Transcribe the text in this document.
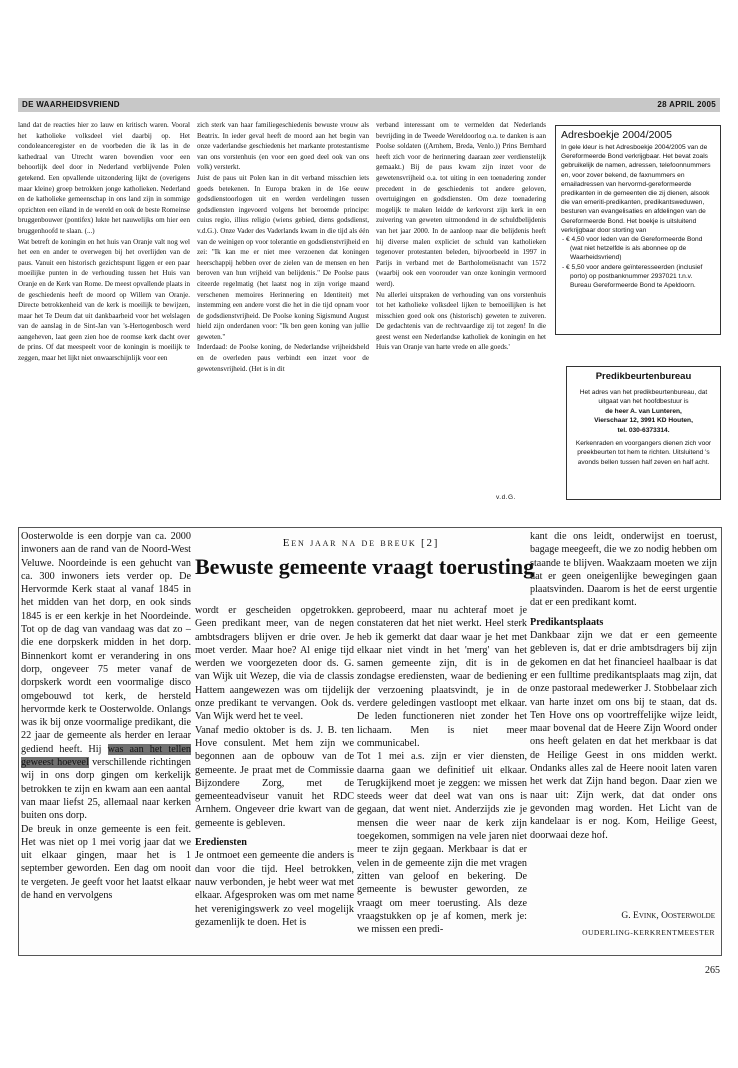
DE WAARHEIDSVRIEND	28 APRIL 2005

land dat de reacties hier zo lauw en kritisch waren. Vooral het katholieke volksdeel viel daarbij op. Het condoleanceregister en de voorbeden die ik las in de kathedraal van Utrecht waren bovendien voor een behoorlijk deel door in Nederland verblijvende Polen getekend. Een opvallende uitzondering lijkt de (overigens maar kleine) groep betrokken jonge katholieken. Nederland en de katholieke gemeenschap in ons land zijn in sommige opzichten een eiland in de wereld en ook de beste Romeinse bruggenbouwer (pontifex) lukte het nauwelijks om hier een bruggenhoofd te slaan. (...)

Wat betreft de koningin en het huis van Oranje valt nog wel het een en ander te overwegen bij het overlijden van de paus. Vanuit een historisch gezichtspunt liggen er een paar moeilijke punten in de verhouding tussen het Huis van Oranje en de Kerk van Rome. De meest opvallende plaats in de geschiedenis heeft de moord op Willem van Oranje. Directe betrokkenheid van de kerk is moeilijk te bewijzen, maar het Te Deum dat uit dankbaarheid voor het welslagen van de aanslag in de Sint-Jan van 's-Hertogenbosch werd aangeheven, laat geen zien hoe de roomse kerk dacht over de prins. Of dat meespeelt voor de koningin is moeilijk te zeggen, maar het lijkt niet onwaarschijnlijk voor een

zich sterk van haar familiegeschiedenis bewuste vrouw als Beatrix. In ieder geval heeft de moord aan het begin van onze vaderlandse geschiedenis het markante protestantisme van ons vorstenhuis (en voor een goed deel ook van ons volk) versterkt.

Juist de paus uit Polen kan in dit verband misschien iets goeds betekenen. In Europa braken in de 16e eeuw godsdienstoorlogen uit en werden verdelingen tussen godsdiensten ingevoerd volgens het beroemde principe: cuius regio, illius religio (wiens gebied, diens godsdienst, v.d.G.). Onze Vader des Vaderlands kwam in die tijd als één van de weinigen op voor tolerantie en godsdienstvrijheid en zei: "Ik kan me er niet mee verzoenen dat koningen heerschappij hebben over de zielen van de mensen en hen beroven van hun vrijheid van belijdenis." De Poolse paus citeerde regelmatig (het laatst nog in zijn vorige maand verschenen memoires Herinnering en Identiteit) met instemming een andere vorst die het in die tijd opnam voor de godsdienstvrijheid. De Poolse koning Sigismund August hield zijn onderdanen voor: "Ik ben geen koning van jullie geweten."

Inderdaad: de Poolse koning, de Nederlandse vrijheidsheld en de overleden paus verbindt een inzet voor de gewetensvrijheid. (Het is in dit

verband interessant om te vermelden dat Nederlands bevrijding in de Tweede Wereldoorlog o.a. te danken is aan Poolse soldaten ((Arnhem, Breda, Venlo.)) Prins Bernhard heeft zich voor de herinnering daaraan zeer verdienstelijk gemaakt.) Bij de paus kwam zijn inzet voor de gewetensvrijheid o.a. tot uiting in een toenadering zonder precedent in de geschiedenis tot andere geloven, overtuigingen en godsdiensten. Om deze toenadering mogelijk te maken leidde de kerkvorst zijn kerk in een zuivering van geweten uitmondend in de schuldbelijdenis van het jaar 2000. In de aanloop naar die belijdenis heeft hij diverse malen expliciet de schuld van katholieken tegenover protestanten beleden, bijvoorbeeld in 1997 in Parijs in verband met de Bartholomeüsnacht van 1572 (waarbij ook een voorouder van onze koningin vermoord werd).

Nu allerlei uitspraken de verhouding van ons vorstenhuis tot het katholieke volksdeel lijken te bemoeilijken is het misschien goed ook ons (historisch) geweten te zuiveren. De gedachtenis van de rechtvaardige zij tot zegen! In die geest wenst een Nederlandse katholiek de koningin en het Huis van Oranje van harte vrede en alle goeds.'

v.d.G.
Adresboekje 2004/2005
In gele kleur is het Adresboekje 2004/2005 van de Gereformeerde Bond verkrijgbaar. Het bevat zoals gebruikelijk de namen, adressen, telefoonnummers en, voor zover bekend, de faxnummers en emailadressen van hervormd-gereformeerde predikanten in de gemeenten die zij dienen, alsook die van emeriti-predikanten, predikantsweduwen, besturen van evangelisaties en afdelingen van de Gereformeerde Bond. Het boekje is uitsluitend verkrijgbaar door storting van
- € 4,50 voor leden van de Gereformeerde Bond (wat niet hetzelfde is als abonnee op de Waarheidsvriend)
- € 5,50 voor andere geïnteresseerden (inclusief porto) op postbanknummer 2937021 t.n.v. Bureau Gereformeerde Bond te Apeldoorn.
Predikbeurtenbureau
Het adres van het predikbeurtenbureau, dat uitgaat van het hoofdbestuur is
de heer A. van Lunteren,
Vierschaar 12, 3991 KD Houten,
tel. 030-6373314.
Kerkenraden en voorgangers dienen zich voor preekbeurten tot hem te richten. Uitsluitend 's avonds bellen tussen half zeven en half acht.
Een jaar na de breuk [2]
Bewuste gemeente vraagt toerusting

Oosterwolde is een dorpje van ca. 2000 inwoners aan de rand van de Noord-West Veluwe. Noordeinde is een gehucht van ca. 300 inwoners iets verder op. De Hervormde Kerk staat al vanaf 1845 in het midden van het dorp, en ook sinds 1845 is er een kerkje in het Noordeinde. Tot op de dag van vandaag was dat zo – die ene dorpskerk midden in het dorp. Binnenkort komt er verandering in ons dorp, ongeveer 75 meter vanaf de dorpskerk wordt een voormalige disco omgebouwd tot kerk, de hersteld hervormde kerk te Oosterwolde. Onlangs was ik bij onze voormalige predikant, die 22 jaar de gemeente als herder en leraar gediend heeft. Hij was aan het tellen geweest hoeveel verschillende richtingen wij in ons dorp gingen om kerkelijk betrokken te zijn en kwam aan een aantal van maar liefst 25, allemaal naar kerken buiten ons dorp.

De breuk in onze gemeente is een feit. Het was niet op 1 mei vorig jaar dat we uit elkaar gingen, maar het is 1 september geworden. Een dag om nooit te vergeten. Je geeft voor het laatst elkaar de hand en vervolgens

wordt er gescheiden opgetrokken. Geen predikant meer, van de negen ambtsdragers blijven er drie over. Je moet verder. Maar hoe? Al enige tijd werden we voorgezeten door ds. G. van Wijk uit Wezep, die via de classis Hattem aangewezen was om tijdelijk onze predikant te vervangen. Ook ds. Van Wijk werd het te veel.

Vanaf medio oktober is ds. J. B. ten Hove consulent. Met hem zijn we begonnen aan de opbouw van de gemeente. Je praat met de Commissie Bijzondere Zorg, met de gemeenteadviseur vanuit het RDC Arnhem. Ongeveer drie kwart van de gemeente is gebleven.

Erediensten

Je ontmoet een gemeente die anders is dan voor die tijd. Heel betrokken, nauw verbonden, je hebt weer wat met elkaar. Afgesproken was om met name het verenigingswerk zo veel mogelijk gezamenlijk te doen. Het is

geprobeerd, maar nu achteraf moet je constateren dat het niet werkt. Heel sterk heb ik gemerkt dat daar waar je het met elkaar niet vindt in het 'merg' van het samen gemeente zijn, dit is in de zondagse erediensten, waar de bediening der verzoening plaatsvindt, je in de verdere geledingen vastloopt met elkaar. De leden functioneren niet zonder het lichaam. Men is niet meer communicabel.

Tot 1 mei a.s. zijn er vier diensten, daarna gaan we definitief uit elkaar. Terugkijkend moet je zeggen: we missen steeds weer dat deel wat van ons is gegaan, dat went niet. Anderzijds zie je mensen die weer naar de kerk zijn toegekomen, sommigen na vele jaren niet meer te zijn gegaan. Merkbaar is dat er velen in de gemeente zijn die met vragen zitten van geloof en bekering. De gemeente is bewuster geworden, ze vraagt om meer toerusting. Als deze vraagstukken op je af komen, merk je: we missen een predi-

kant die ons leidt, onderwijst en toerust, bagage meegeeft, die we zo nodig hebben om staande te blijven. Waakzaam moeten we zijn dat er geen oneigenlijke bewegingen gaan plaatsvinden. Daarom is het de eerst urgentie dat er een predikant komt.

Predikantsplaats

Dankbaar zijn we dat er een gemeente gebleven is, dat er drie ambtsdragers bij zijn gekomen en dat het financieel haalbaar is dat er een fulltime predikantsplaats mag zijn, dat onze pastoraal medewerker J. Stobbelaar zich van harte inzet om ons bij te staan, dat ds. Ten Hove ons op voortreffelijke wijze leidt, maar bovenal dat de Heere Zijn Woord onder ons heeft gelaten en dat het merkbaar is dat de Heilige Geest in ons midden werkt. Ondanks alles zal de Heere nooit laten varen het werk dat Zijn hand begon. Daar zien we naar uit: Zijn werk, dat dat onder ons gevonden mag worden. Het Licht van de kandelaar is er nog. Kom, Heilige Geest, doorwaai deze hof.

G. Evink, Oosterwolde
OUDERLING-KERKRENTMEESTER
265
